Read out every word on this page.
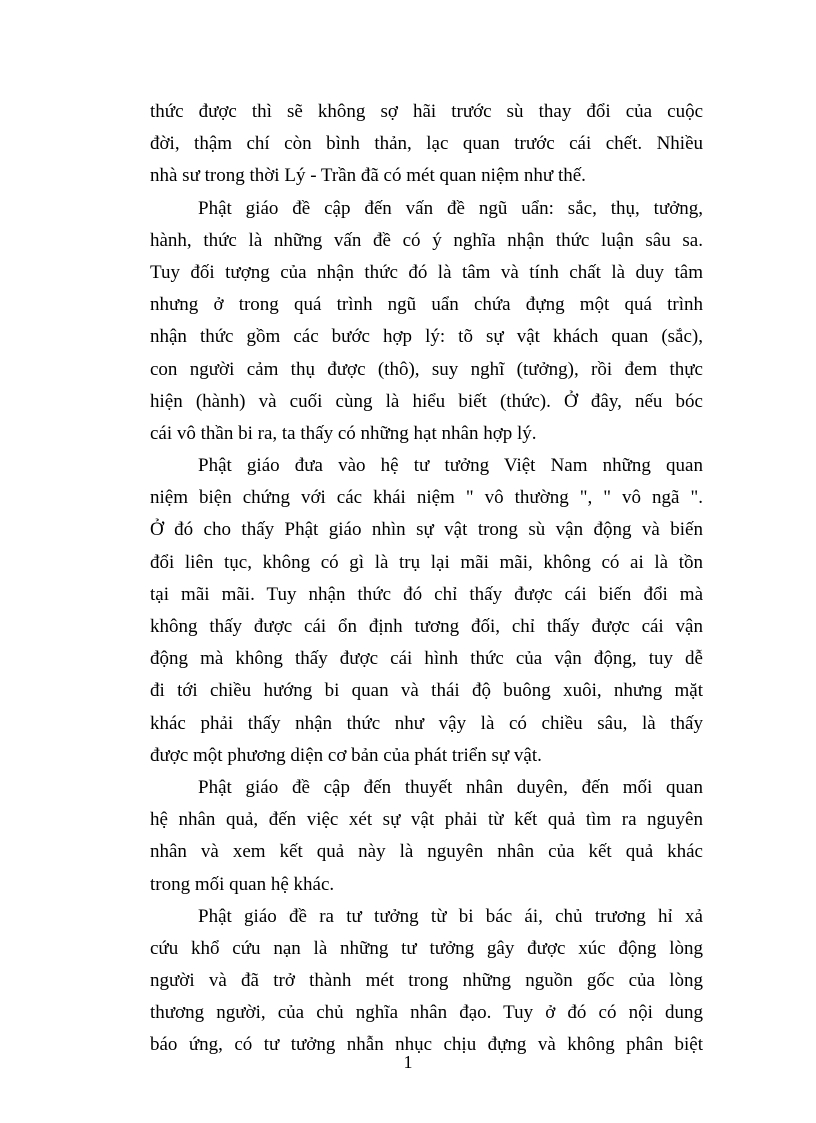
thức được thì sẽ không sợ hãi trước sù thay đổi của cuộc
đời, thậm chí còn bình thản, lạc quan trước cái chết. Nhiều
nhà sư trong thời Lý - Trần đã có mét quan niệm như thế.
Phật giáo đề cập đến vấn đề ngũ uẩn: sắc, thụ, tưởng,
hành, thức là những vấn đề có ý nghĩa nhận thức luận sâu sa.
Tuy đối tượng của nhận thức đó là tâm và tính chất là duy tâm
nhưng ở trong quá trình ngũ uẩn chứa đựng một quá trình
nhận thức gồm các bước hợp lý: tõ sự vật khách quan (sắc),
con người cảm thụ được (thô), suy nghĩ (tưởng), rồi đem thực
hiện (hành) và cuối cùng là hiểu biết (thức). Ở đây, nếu bóc
cái vô thần bi ra, ta thấy có những hạt nhân hợp lý.
Phật giáo đưa vào hệ tư tưởng Việt Nam những quan
niệm biện chứng với các khái niệm " vô thường ", " vô ngã ".
Ở đó cho thấy Phật giáo nhìn sự vật trong sù vận động và biến
đổi liên tục, không có gì là trụ lại mãi mãi, không có ai là tồn
tại mãi mãi. Tuy nhận thức đó chỉ thấy được cái biến đổi mà
không thấy được cái ổn định tương đối, chỉ thấy được cái vận
động mà không thấy được cái hình thức của vận động, tuy dễ
đi tới chiều hướng bi quan và thái độ buông xuôi, nhưng mặt
khác phải thấy nhận thức như vậy là có chiều sâu, là thấy
được một phương diện cơ bản của phát triển sự vật.
Phật giáo đề cập đến thuyết nhân duyên, đến mối quan
hệ nhân quả, đến việc xét sự vật phải từ kết quả tìm ra nguyên
nhân và xem kết quả này là nguyên nhân của kết quả khác
trong mối quan hệ khác.
Phật giáo đề ra tư tưởng từ bi bác ái, chủ trương hỉ xả
cứu khổ cứu nạn là những tư tưởng gây được xúc động lòng
người và đã trở thành mét trong những nguồn gốc của lòng
thương người, của chủ nghĩa nhân đạo. Tuy ở đó có nội dung
báo ứng, có tư tưởng nhẫn nhục chịu đựng và không phân biệt
1
